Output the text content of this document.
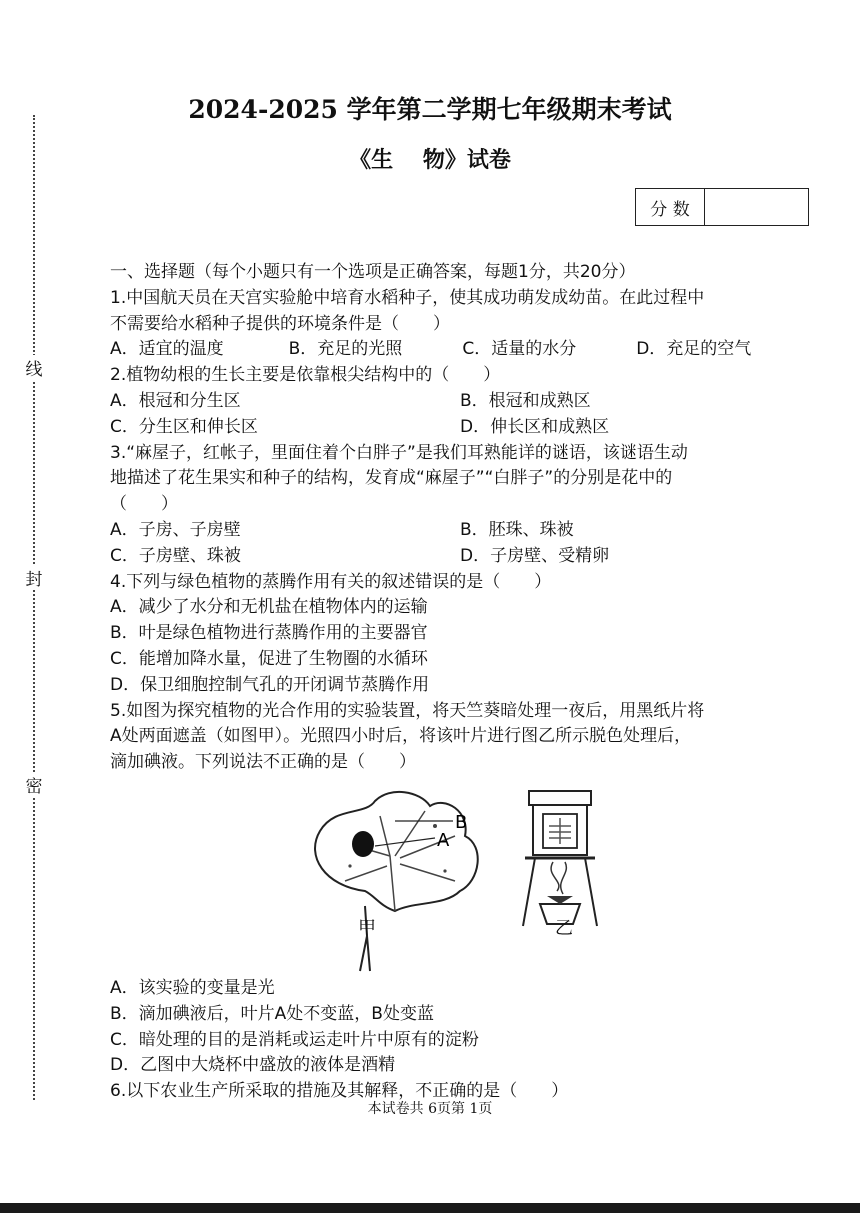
线
封
密
2024-2025 学年第二学期七年级期末考试
《生　 物》试卷
分 数
一、选择题（每个小题只有一个选项是正确答案，每题1分，共20分）
1.中国航天员在天宫实验舱中培育水稻种子，使其成功萌发成幼苗。在此过程中
不需要给水稻种子提供的环境条件是（　　）
A．适宜的温度	B．充足的光照	C．适量的水分	D．充足的空气
2.植物幼根的生长主要是依靠根尖结构中的（　　）
A．根冠和分生区	B．根冠和成熟区
C．分生区和伸长区	D．伸长区和成熟区
3.“麻屋子，红帐子，里面住着个白胖子”是我们耳熟能详的谜语，该谜语生动
地描述了花生果实和种子的结构，发育成“麻屋子”“白胖子”的分别是花中的
（　　）
A．子房、子房壁	B．胚珠、珠被
C．子房壁、珠被	D．子房壁、受精卵
4.下列与绿色植物的蒸腾作用有关的叙述错误的是（　　）
A．减少了水分和无机盐在植物体内的运输
B．叶是绿色植物进行蒸腾作用的主要器官
C．能增加降水量，促进了生物圈的水循环
D．保卫细胞控制气孔的开闭调节蒸腾作用
5.如图为探究植物的光合作用的实验装置，将天竺葵暗处理一夜后，用黑纸片将
A处两面遮盖（如图甲）。光照四小时后，将该叶片进行图乙所示脱色处理后，
滴加碘液。下列说法不正确的是（　　）
B
A
甲	乙
A．该实验的变量是光
B．滴加碘液后，叶片A处不变蓝，B处变蓝
C．暗处理的目的是消耗或运走叶片中原有的淀粉
D．乙图中大烧杯中盛放的液体是酒精
6.以下农业生产所采取的措施及其解释，不正确的是（　　）
本试卷共 6页第 1页
